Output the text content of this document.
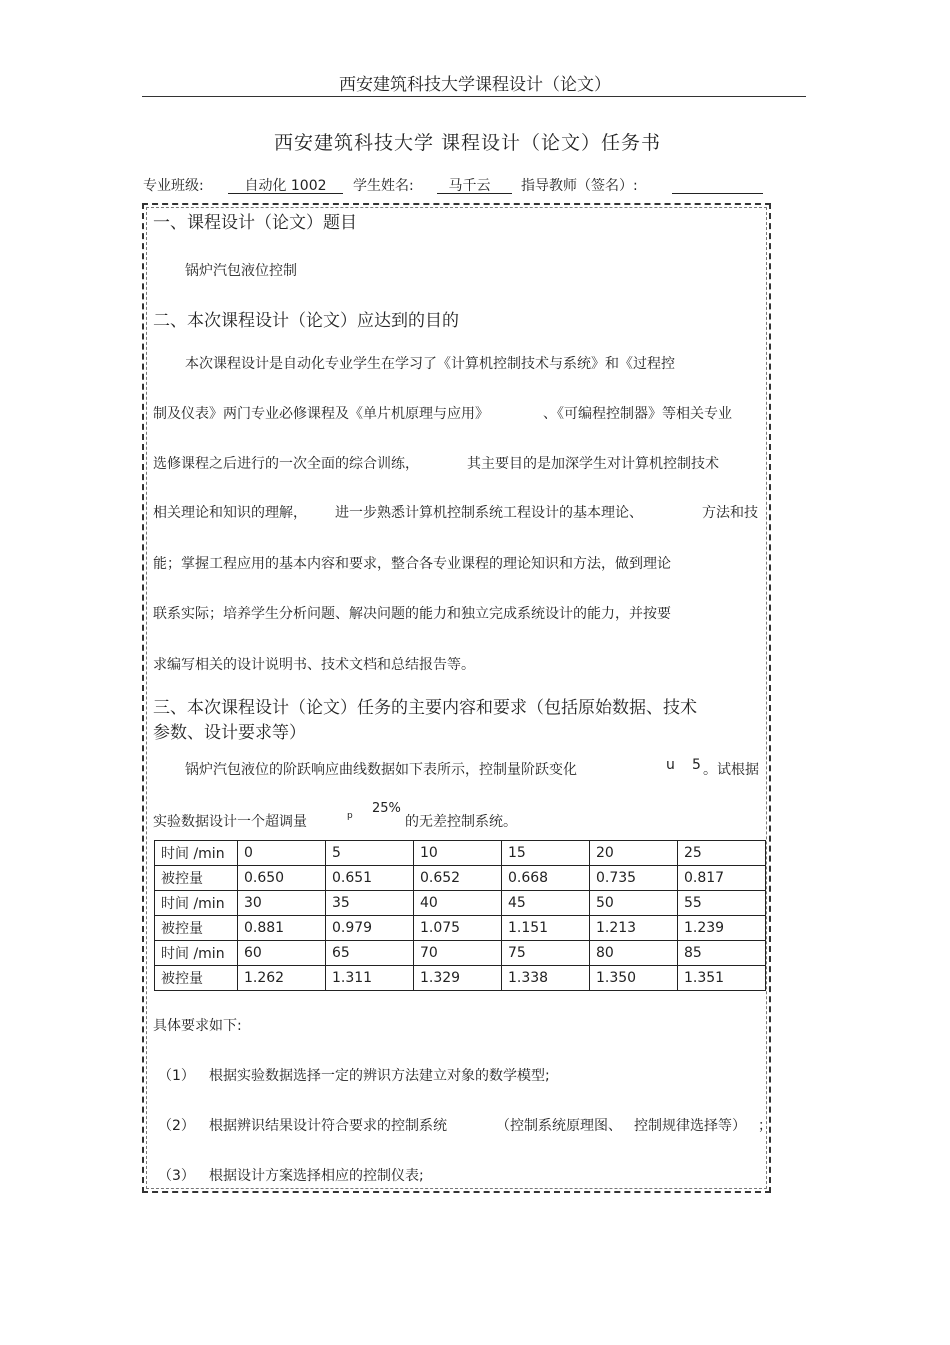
西安建筑科技大学课程设计（论文）
西安建筑科技大学 课程设计（论文）任务书
专业班级:	自动化 1002	学生姓名:	马千云	指导教师（签名）:
一、课程设计（论文）题目
锅炉汽包液位控制
二、本次课程设计（论文）应达到的目的
本次课程设计是自动化专业学生在学习了《计算机控制技术与系统》和《过程控
制及仪表》两门专业必修课程及《单片机原理与应用》	、《可编程控制器》等相关专业
选修课程之后进行的一次全面的综合训练，	其主要目的是加深学生对计算机控制技术
相关理论和知识的理解， 进一步熟悉计算机控制系统工程设计的基本理论、	方法和技
能；掌握工程应用的基本内容和要求，整合各专业课程的理论知识和方法，做到理论
联系实际；培养学生分析问题、解决问题的能力和独立完成系统设计的能力，并按要
求编写相关的设计说明书、技术文档和总结报告等。
三、本次课程设计（论文）任务的主要内容和要求（包括原始数据、技术
参数、设计要求等）
锅炉汽包液位的阶跃响应曲线数据如下表所示，控制量阶跃变化	u 5 。试根据
实验数据设计一个超调量	p 25%
的无差控制系统。
时间 /min	0	5	10	15	20	25
被控量	0.650	0.651	0.652	0.668	0.735	0.817
时间 /min	30	35	40	45	50	55
被控量	0.881	0.979	1.075	1.151	1.213	1.239
时间 /min	60	65	70	75	80	85
被控量	1.262	1.311	1.329	1.338	1.350	1.351
具体要求如下:
（1） 根据实验数据选择一定的辨识方法建立对象的数学模型;
（2） 根据辨识结果设计符合要求的控制系统	（控制系统原理图、 控制规律选择等） ；
（3） 根据设计方案选择相应的控制仪表;
